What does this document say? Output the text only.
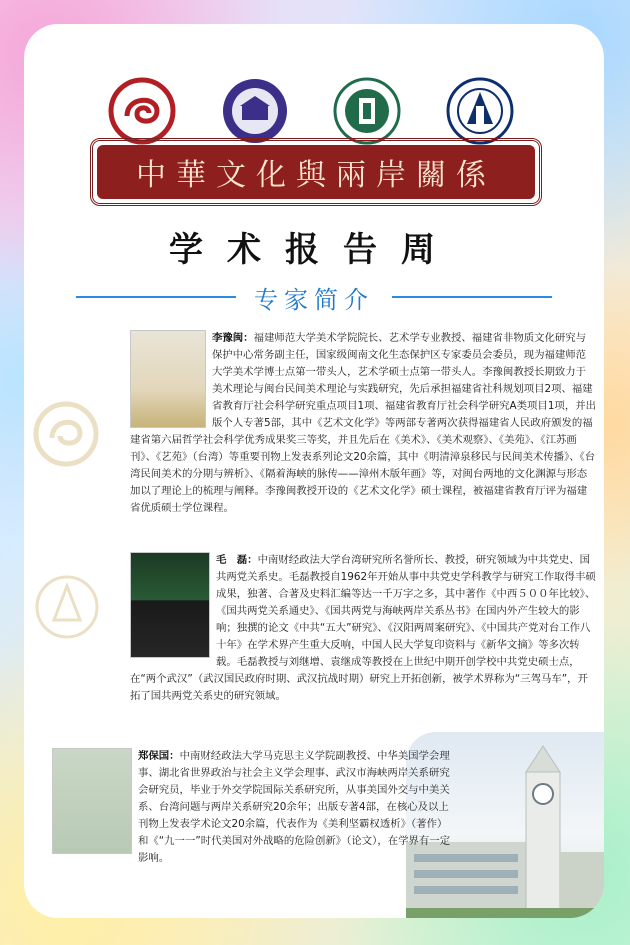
中華文化與兩岸關係
学术报告周
专家简介
李豫闽：福建师范大学美术学院院长、艺术学专业教授、福建省非物质文化研究与保护中心常务副主任，国家级闽南文化生态保护区专家委员会委员，现为福建师范大学美术学博士点第一带头人，艺术学硕士点第一带头人。李豫闽教授长期致力于美术理论与闽台民间美术理论与实践研究，先后承担福建省社科规划项目2项、福建省教育厅社会科学研究重点项目1项、福建省教育厅社会科学研究A类项目1项，并出版个人专著5部，其中《艺术文化学》等两部专著两次获得福建省人民政府颁发的福建省第六届哲学社会科学优秀成果奖三等奖，并且先后在《美术》、《美术观察》、《美苑》、《江苏画刊》、《艺苑》（台湾）等重要刊物上发表系列论文20余篇，其中《明清漳泉移民与民间美术传播》、《台湾民间美术的分期与辨析》、《隔着海峡的脉传——漳州木版年画》等，对闽台两地的文化渊源与形态加以了理论上的梳理与阐释。李豫闽教授开设的《艺术文化学》硕士课程，被福建省教育厅评为福建省优质硕士学位课程。
毛　磊：中南财经政法大学台湾研究所名誉所长、教授，研究领域为中共党史、国共两党关系史。毛磊教授自1962年开始从事中共党史学科教学与研究工作取得丰硕成果，独著、合著及史料汇编等达一千万字之多，其中著作《中西５００年比较》、《国共两党关系通史》、《国共两党与海峡两岸关系丛书》在国内外产生较大的影响；独撰的论文《中共“五大”研究》、《汉阳两周案研究》、《中国共产党对台工作八十年》在学术界产生重大反响，中国人民大学复印资料与《新华文摘》等多次转载。毛磊教授与刘继增、袁继成等教授在上世纪中期开创学校中共党史硕士点，在“两个武汉”（武汉国民政府时期、武汉抗战时期）研究上开拓创新，被学术界称为“三驾马车”，开拓了国共两党关系史的研究领域。
郑保国：中南财经政法大学马克思主义学院副教授、中华美国学会理事、湖北省世界政治与社会主义学会理事、武汉市海峡两岸关系研究会研究员，毕业于外交学院国际关系研究所，从事美国外交与中美关系、台湾问题与两岸关系研究20余年；出版专著4部，在核心及以上刊物上发表学术论文20余篇，代表作为《美利坚霸权透析》（著作）和《“九一一”时代美国对外战略的危险创新》（论文），在学界有一定影响。
